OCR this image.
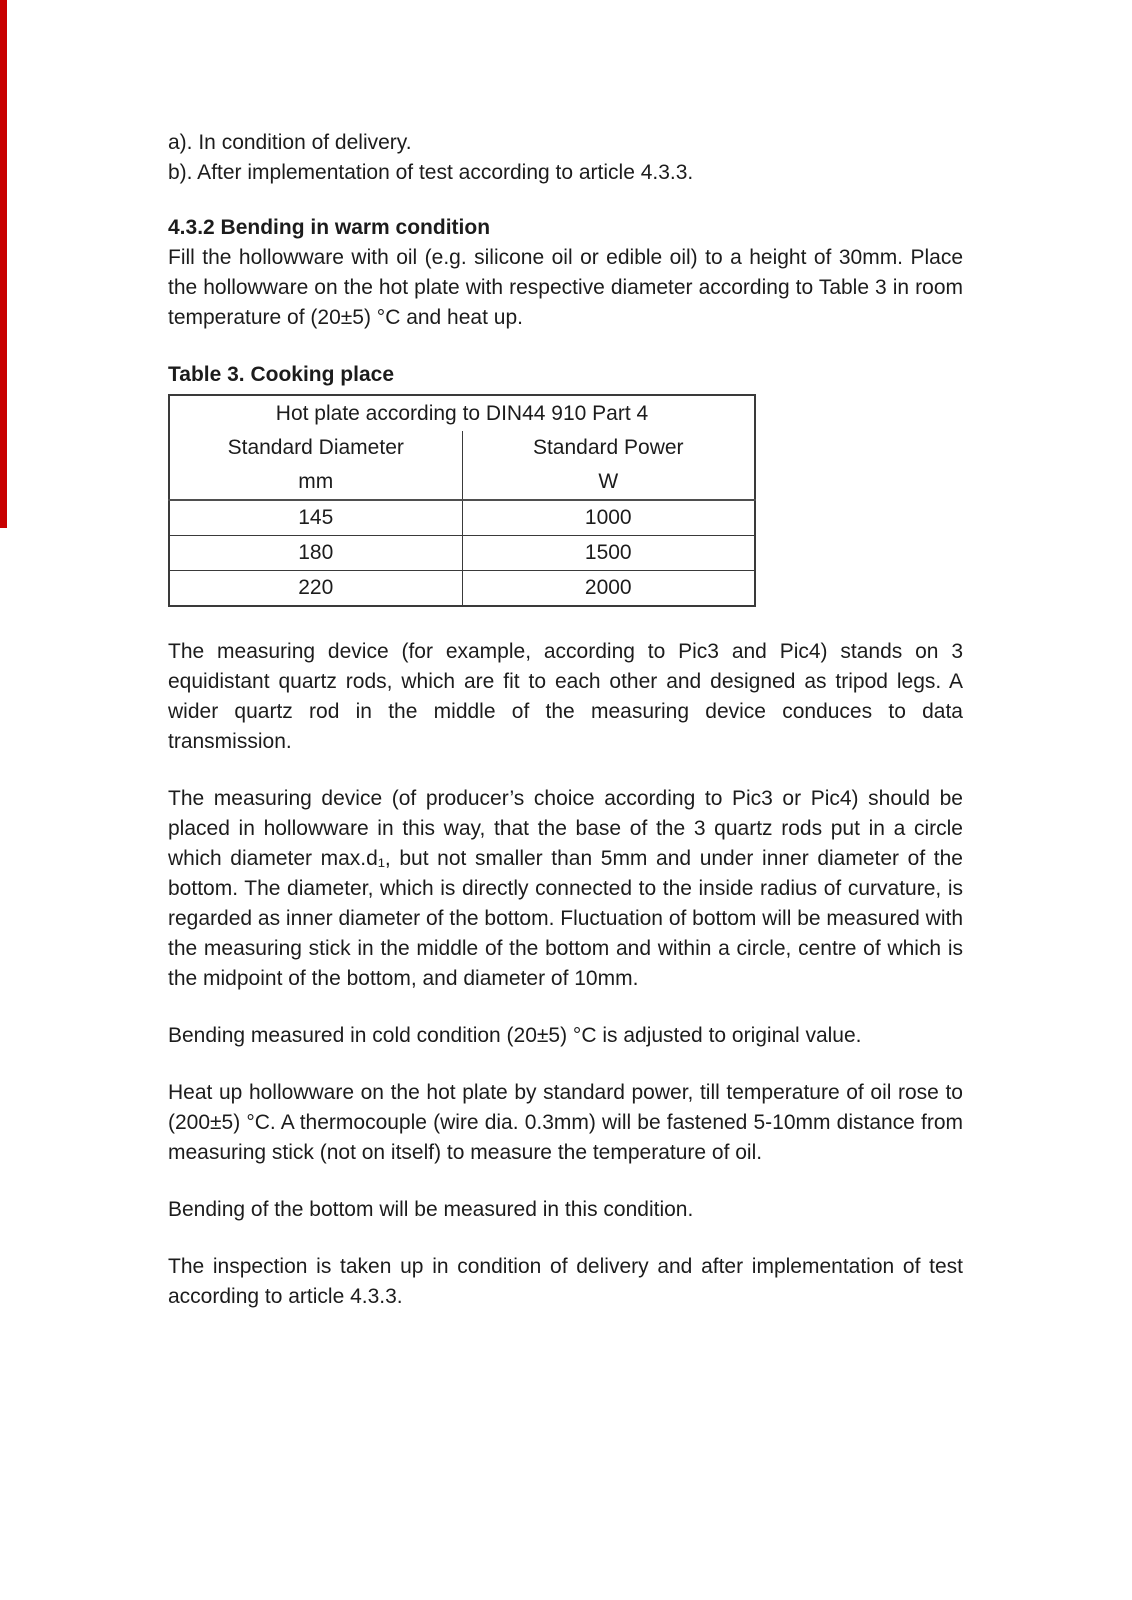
a). In condition of delivery.

b). After implementation of test according to article 4.3.3.

4.3.2 Bending in warm condition

Fill the hollowware with oil (e.g. silicone oil or edible oil) to a height of 30mm. Place the hollowware on the hot plate with respective diameter according to Table 3 in room temperature of (20±5) °C and heat up.

Table 3. Cooking place
Hot plate according to DIN44 910 Part 4	
Standard Diameter	Standard Power
mm	W
145	1000
180	1500
220	2000

The measuring device (for example, according to Pic3 and Pic4) stands on 3 equidistant quartz rods, which are fit to each other and designed as tripod legs. A wider quartz rod in the middle of the measuring device conduces to data transmission.

The measuring device (of producer’s choice according to Pic3 or Pic4) should be placed in hollowware in this way, that the base of the 3 quartz rods put in a circle which diameter max.d₁, but not smaller than 5mm and under inner diameter of the bottom. The diameter, which is directly connected to the inside radius of curvature, is regarded as inner diameter of the bottom. Fluctuation of bottom will be measured with the measuring stick in the middle of the bottom and within a circle, centre of which is the midpoint of the bottom, and diameter of 10mm.

Bending measured in cold condition (20±5) °C is adjusted to original value.

Heat up hollowware on the hot plate by standard power, till temperature of oil rose to (200±5) °C. A thermocouple (wire dia. 0.3mm) will be fastened 5-10mm distance from measuring stick (not on itself) to measure the temperature of oil.

Bending of the bottom will be measured in this condition.

The inspection is taken up in condition of delivery and after implementation of test according to article 4.3.3.
